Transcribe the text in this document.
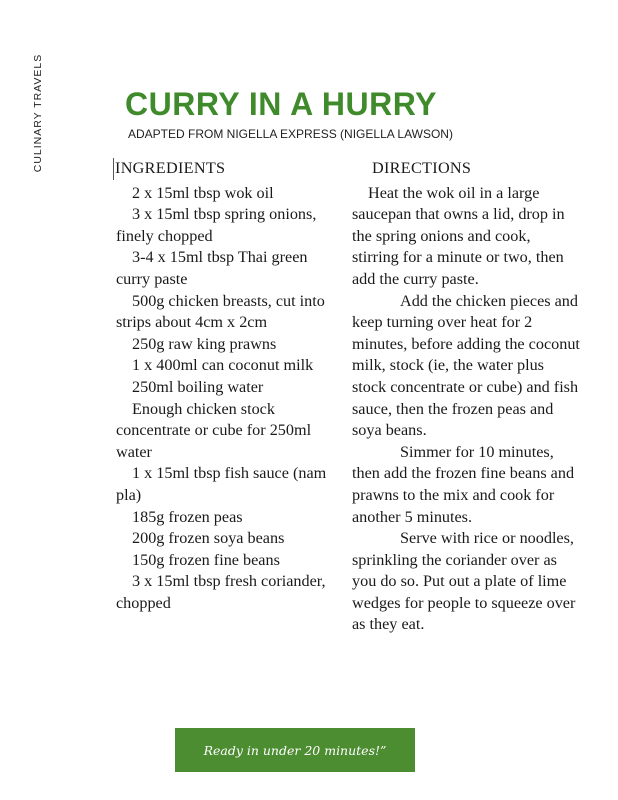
CULINARY TRAVELS	CURRY IN A HURRY
ADAPTED FROM NIGELLA EXPRESS (NIGELLA LAWSON)
INGREDIENTS

2 x 15ml tbsp wok oil

3 x 15ml tbsp spring onions, finely chopped

3-4 x 15ml tbsp Thai green curry paste

500g chicken breasts, cut into strips about 4cm x 2cm

250g raw king prawns

1 x 400ml can coconut milk

250ml boiling water

Enough chicken stock concentrate or cube for 250ml water

1 x 15ml tbsp fish sauce (nam pla)

185g frozen peas

200g frozen soya beans

150g frozen fine beans

3 x 15ml tbsp fresh coriander, chopped

DIRECTIONS

Heat the wok oil in a large saucepan that owns a lid, drop in the spring onions and cook, stirring for a minute or two, then add the curry paste.

Add the chicken pieces and keep turning over heat for 2 minutes, before adding the coconut milk, stock (ie, the water plus stock concentrate or cube) and fish sauce, then the frozen peas and soya beans.

Simmer for 10 minutes, then add the frozen fine beans and prawns to the mix and cook for another 5 minutes.

Serve with rice or noodles, sprinkling the coriander over as you do so. Put out a plate of lime wedges for people to squeeze over as they eat.

Ready in under 20 minutes!”
